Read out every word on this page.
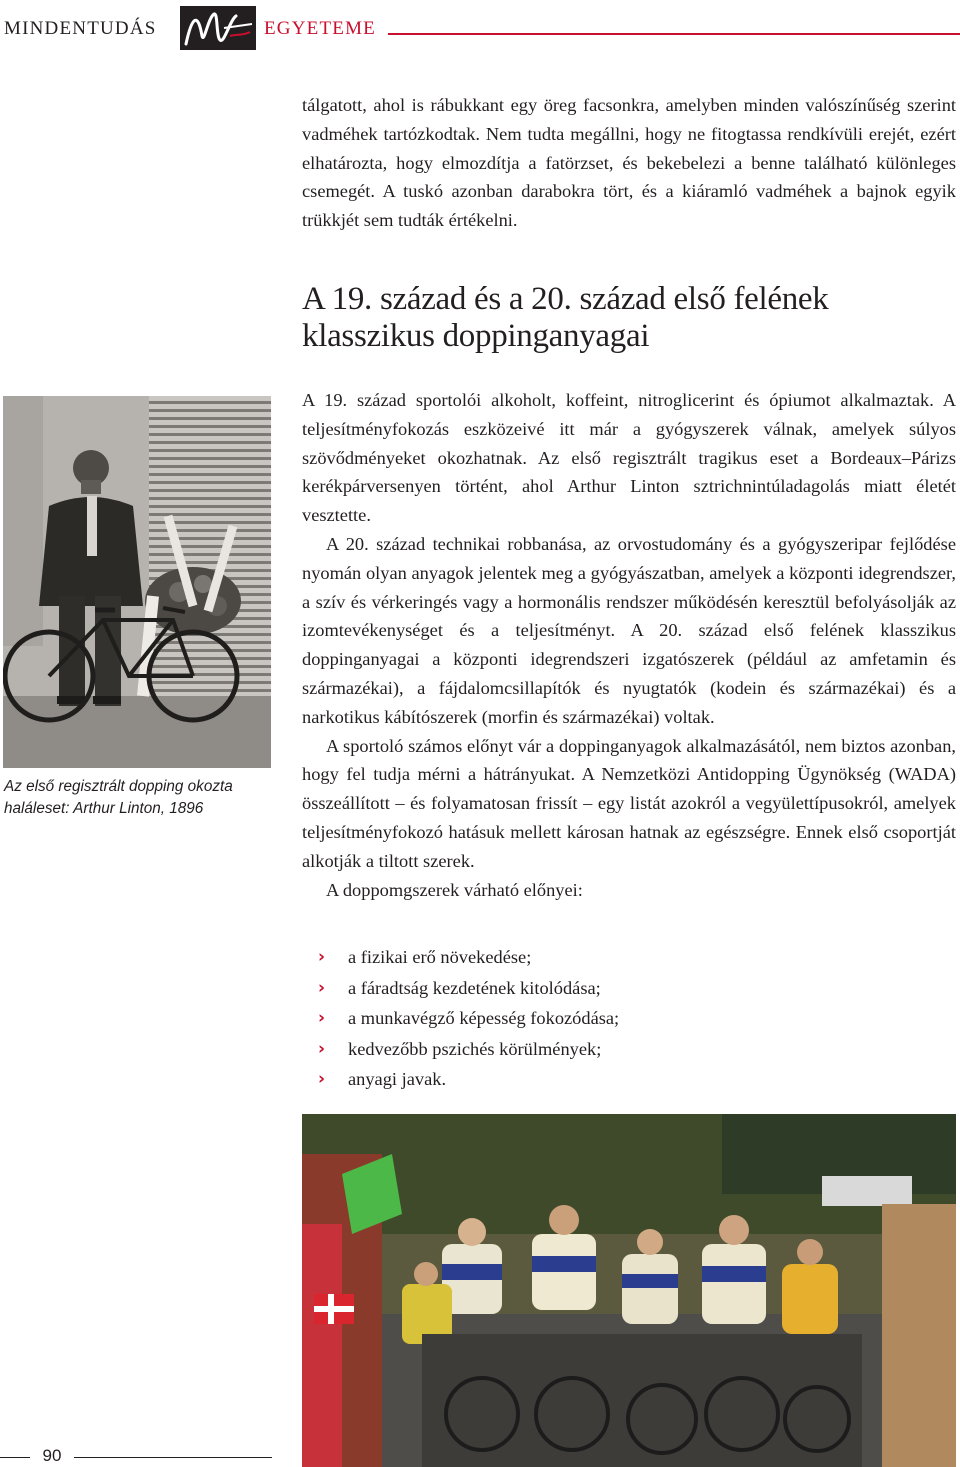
MINDENTUDÁS	EGYETEME

tálgatott, ahol is rábukkant egy öreg facsonkra, amelyben minden valószínűség szerint vadméhek tartózkodtak. Nem tudta megállni, hogy ne fitogtassa rendkívüli erejét, ezért elhatározta, hogy elmozdítja a fatörzset, és bekebelezi a benne található különleges csemegét. A tuskó azonban darabokra tört, és a kiáramló vadméhek a bajnok egyik trükkjét sem tudták értékelni.

A 19. század és a 20. század első felének klasszikus doppinganyagai

A 19. század sportolói alkoholt, koffeint, nitroglicerint és ópiumot alkalmaztak. A teljesítményfokozás eszközeivé itt már a gyógyszerek válnak, amelyek súlyos szövődményeket okozhatnak. Az első regisztrált tragikus eset a Bordeaux–Párizs kerékpárversenyen történt, ahol Arthur Linton sztrichnintúladagolás miatt életét vesztette.

A 20. század technikai robbanása, az orvostudomány és a gyógyszeripar fejlődése nyomán olyan anyagok jelentek meg a gyógyászatban, amelyek a központi idegrendszer, a szív és vérkeringés vagy a hormonális rendszer működésén keresztül befolyásolják az izomtevékenységet és a teljesítményt. A 20. század első felének klasszikus doppinganyagai a központi idegrendszeri izgatószerek (például az amfetamin és származékai), a fájdalomcsillapítók és nyugtatók (kodein és származékai) és a narkotikus kábítószerek (morfin és származékai) voltak.

A sportoló számos előnyt vár a doppinganyagok alkalmazásától, nem biztos azonban, hogy fel tudja mérni a hátrányukat. A Nemzetközi Antidopping Ügynökség (WADA) összeállított – és folyamatosan frissít – egy listát azokról a vegyülettípusokról, amelyek teljesítményfokozó hatásuk mellett károsan hatnak az egészségre. Ennek első csoportját alkotják a tiltott szerek.

A doppomgszerek várható előnyei:

› a fizikai erő növekedése;
› a fáradtság kezdetének kitolódása;
› a munkavégző képesség fokozódása;
› kedvezőbb pszichés körülmények;
› anyagi javak.

Az első regisztrált dopping okozta haláleset: Arthur Linton, 1896

90
